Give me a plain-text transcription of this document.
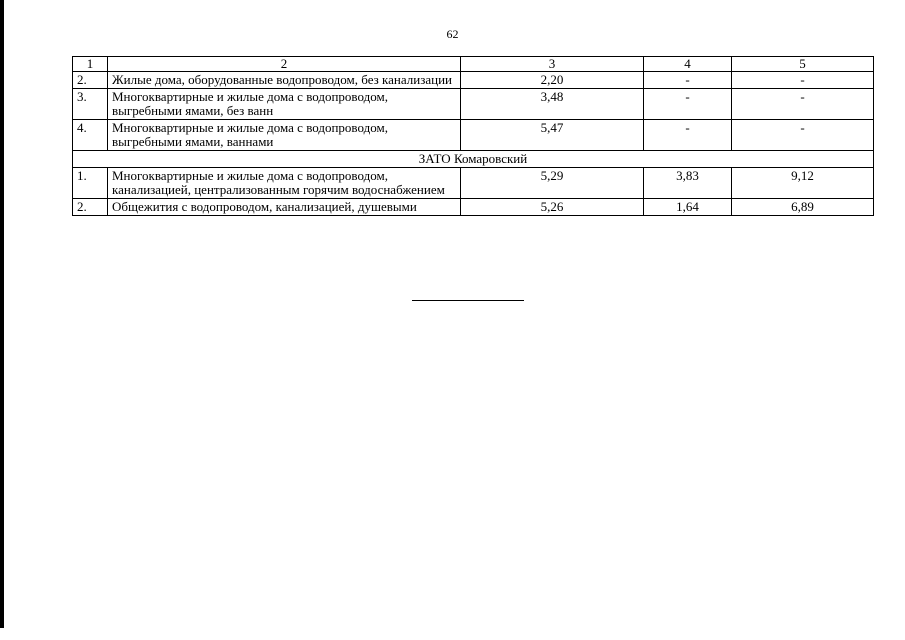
62
1	2	3	4	5
2.	Жилые дома, оборудованные водопроводом, без канализации	2,20	-	-
3.	Многоквартирные и жилые дома с водопроводом, выгребными ямами, без ванн	3,48	-	-
4.	Многоквартирные и жилые дома с водопроводом, выгребными ямами, ваннами	5,47	-	-
ЗАТО Комаровский				
1.	Многоквартирные и жилые дома с водопроводом, канализацией, централизованным горячим водоснабжением	5,29	3,83	9,12
2.	Общежития с водопроводом, канализацией, душевыми	5,26	1,64	6,89
